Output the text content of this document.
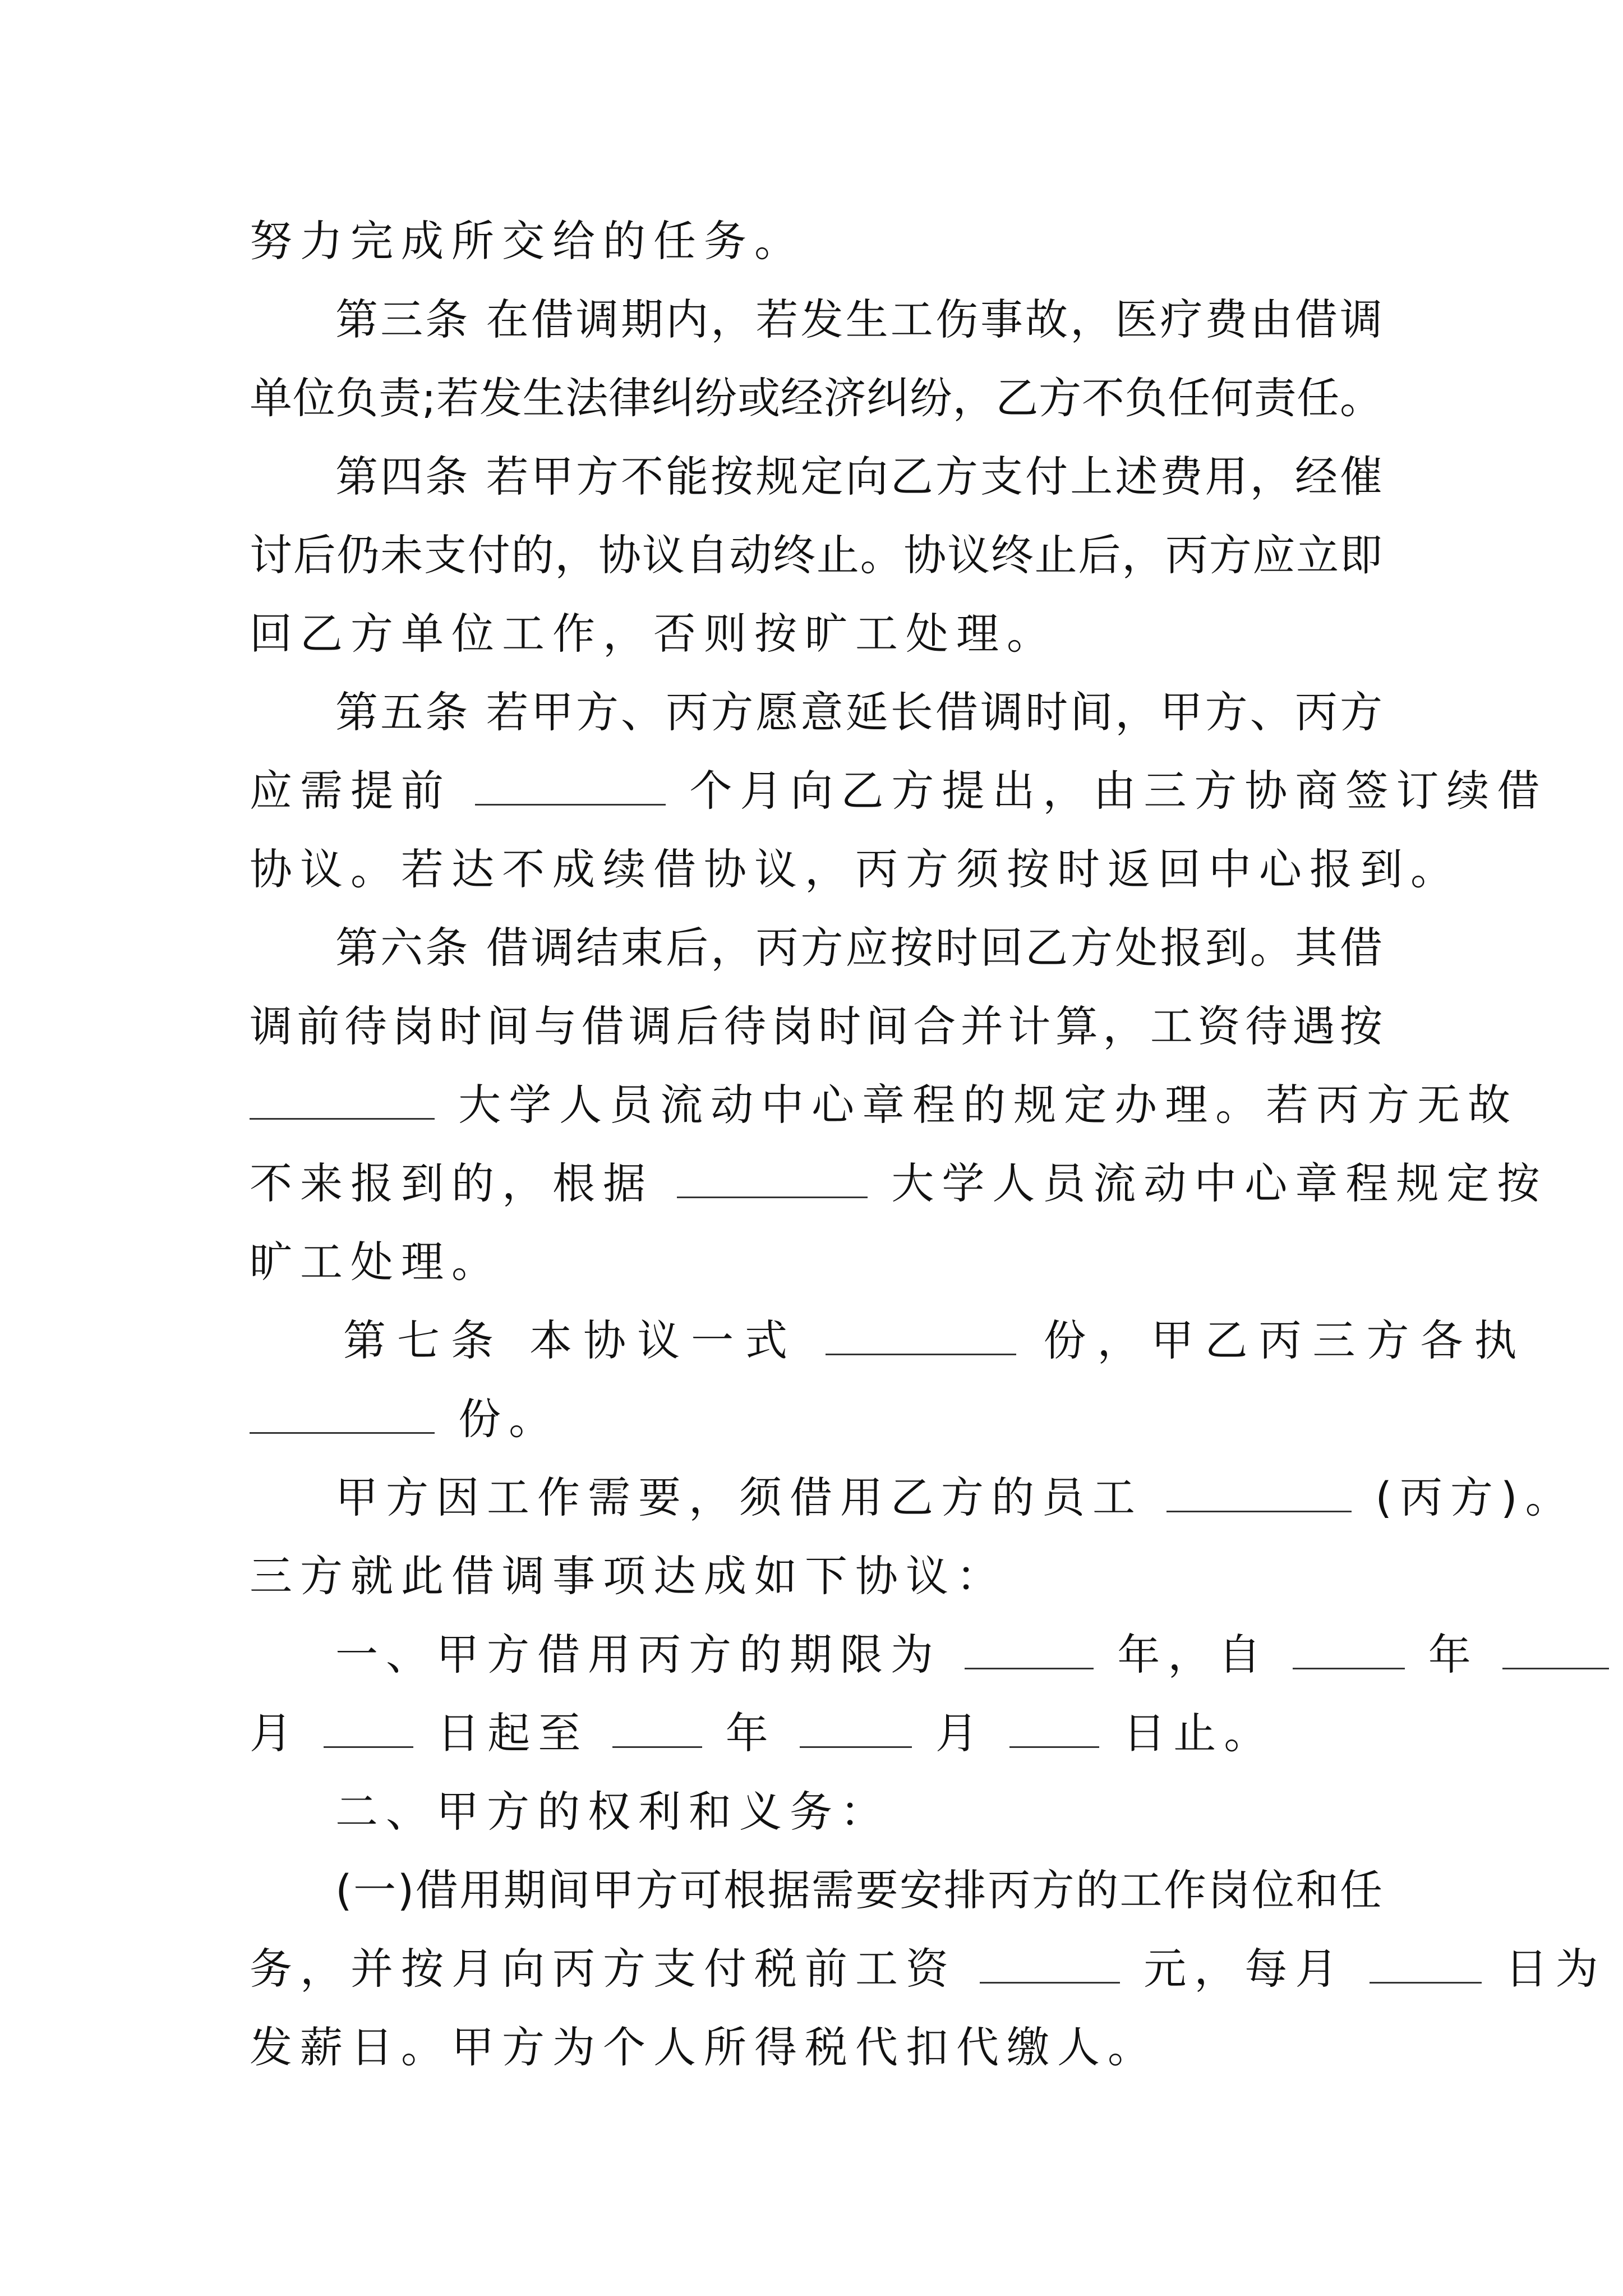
努力完成所交给的任务。
第三条 在借调期内，若发生工伤事故，医疗费由借调
单位负责;若发生法律纠纷或经济纠纷，乙方不负任何责任。
第四条 若甲方不能按规定向乙方支付上述费用，经催
讨后仍未支付的，协议自动终止。协议终止后，丙方应立即
回乙方单位工作，否则按旷工处理。
第五条 若甲方、丙方愿意延长借调时间，甲方、丙方
应需提前	个月向乙方提出，由三方协商签订续借
协议。若达不成续借协议，丙方须按时返回中心报到。
第六条 借调结束后，丙方应按时回乙方处报到。其借
调前待岗时间与借调后待岗时间合并计算，工资待遇按
大学人员流动中心章程的规定办理。若丙方无故
不来报到的，根据	大学人员流动中心章程规定按
旷工处理。
第七条 本协议一式	份，甲乙丙三方各执
份。
甲方因工作需要，须借用乙方的员工	(丙方)。
三方就此借调事项达成如下协议：
一、甲方借用丙方的期限为	年，自	年
月	日起至	年	月	日止。
二、甲方的权利和义务：
(一)借用期间甲方可根据需要安排丙方的工作岗位和任
务，并按月向丙方支付税前工资	元，每月	日为
发薪日。甲方为个人所得税代扣代缴人。
